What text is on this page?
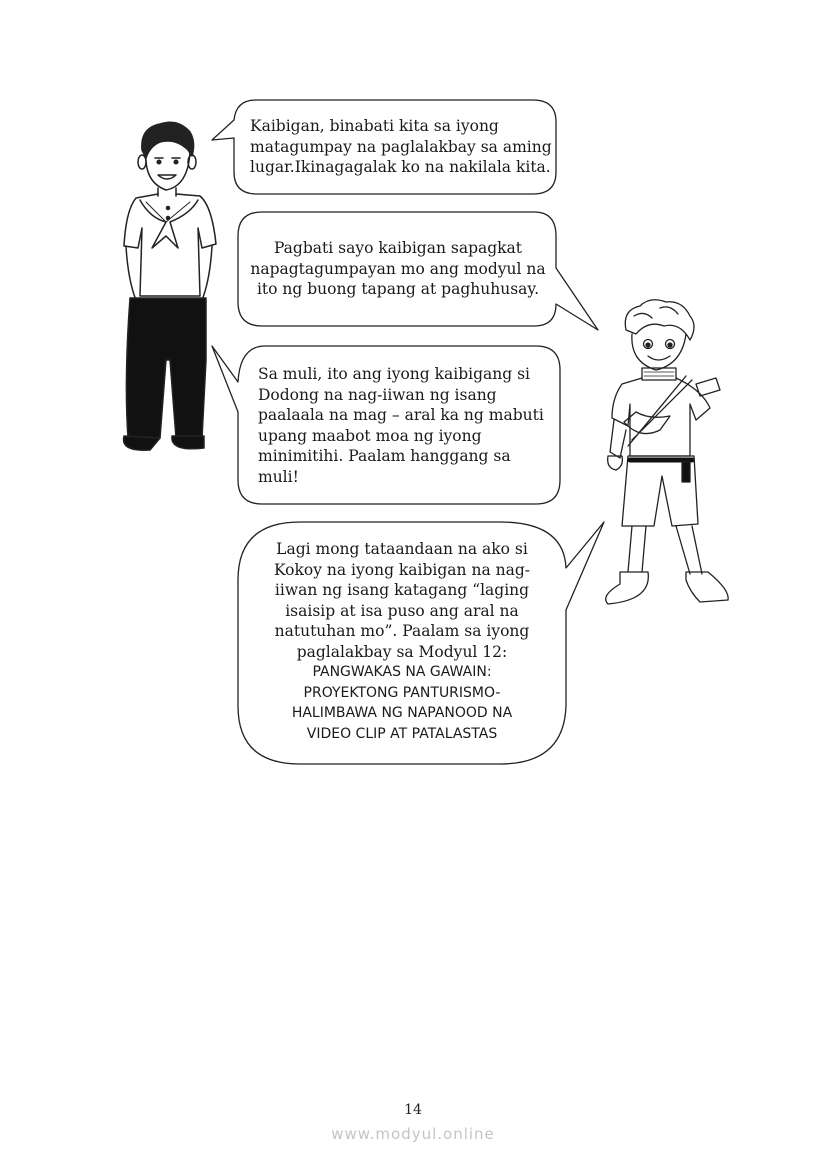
Kaibigan, binabati kita sa iyong
matagumpay na paglalakbay sa aming
lugar.Ikinagagalak ko na nakilala kita.
Pagbati sayo kaibigan sapagkat
napagtagumpayan mo ang modyul na
ito ng buong tapang at paghuhusay.
Sa muli, ito ang iyong kaibigang si
Dodong na nag-iiwan ng isang
paalaala na mag – aral ka ng mabuti
upang maabot moa ng iyong
minimitihi. Paalam hanggang sa
muli!
Lagi mong tataandaan na ako si
Kokoy na iyong kaibigan na nag-
iiwan ng isang katagang “laging
isaisip at isa puso ang aral na
natutuhan mo”. Paalam sa iyong
paglalakbay sa Modyul 12:
PANGWAKAS NA GAWAIN:
PROYEKTONG PANTURISMO-
HALIMBAWA NG NAPANOOD NA
VIDEO CLIP AT PATALASTAS
14
www.modyul.online
